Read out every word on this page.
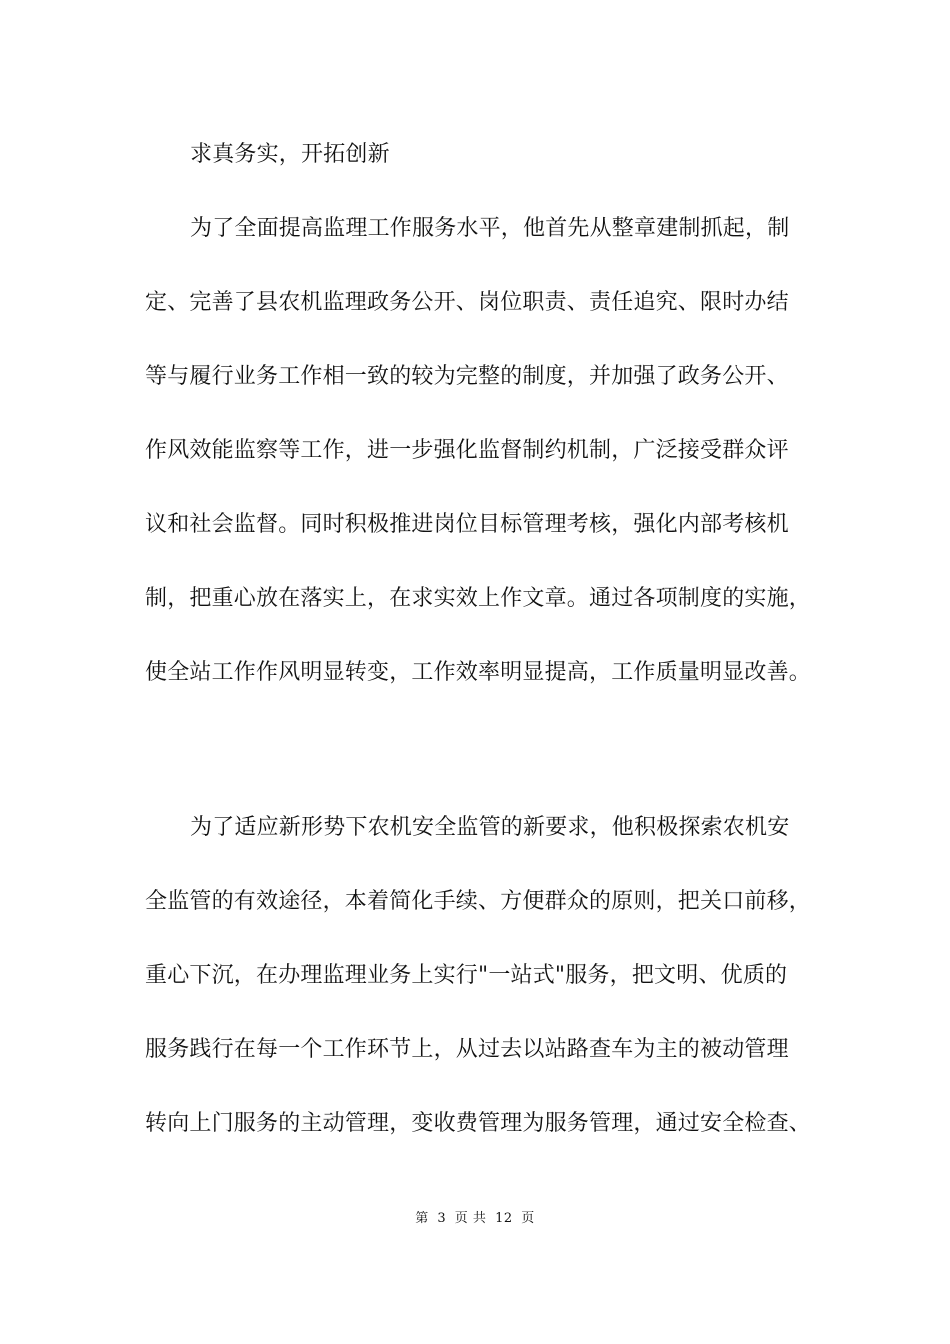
求真务实，开拓创新
为了全面提高监理工作服务水平，他首先从整章建制抓起，制
定、完善了县农机监理政务公开、岗位职责、责任追究、限时办结
等与履行业务工作相一致的较为完整的制度，并加强了政务公开、
作风效能监察等工作，进一步强化监督制约机制，广泛接受群众评
议和社会监督。同时积极推进岗位目标管理考核，强化内部考核机
制，把重心放在落实上，在求实效上作文章。通过各项制度的实施，
使全站工作作风明显转变，工作效率明显提高，工作质量明显改善。
为了适应新形势下农机安全监管的新要求，他积极探索农机安
全监管的有效途径，本着简化手续、方便群众的原则，把关口前移，
重心下沉，在办理监理业务上实行"一站式"服务，把文明、优质的
服务践行在每一个工作环节上，从过去以站路查车为主的被动管理
转向上门服务的主动管理，变收费管理为服务管理，通过安全检查、
第 3 页 共 12 页
